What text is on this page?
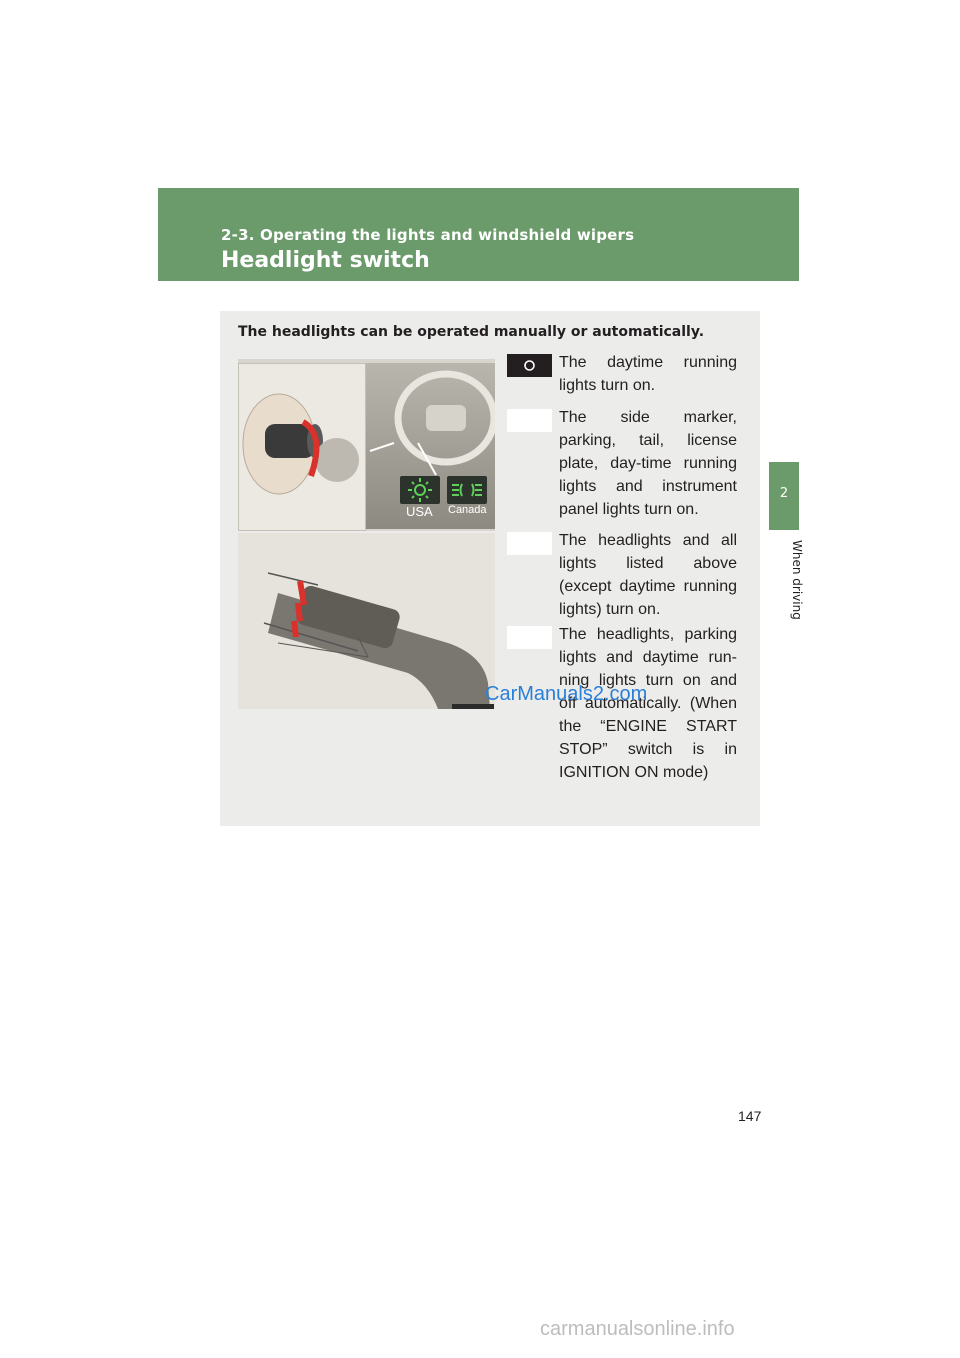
2-3. Operating the lights and windshield wipers
Headlight switch
2
When driving
The headlights can be operated manually or automatically.
USA Canada
The daytime running lights turn on.
The side marker, parking, tail, license plate, day-time running lights and instrument panel lights turn on.
The headlights and all lights listed above (except daytime running lights) turn on.
The headlights, parking lights and daytime run-ning lights turn on and off automatically. (When the “ENGINE START STOP” switch is in IGNITION ON mode)
CarManuals2.com
147
carmanualsonline.info
